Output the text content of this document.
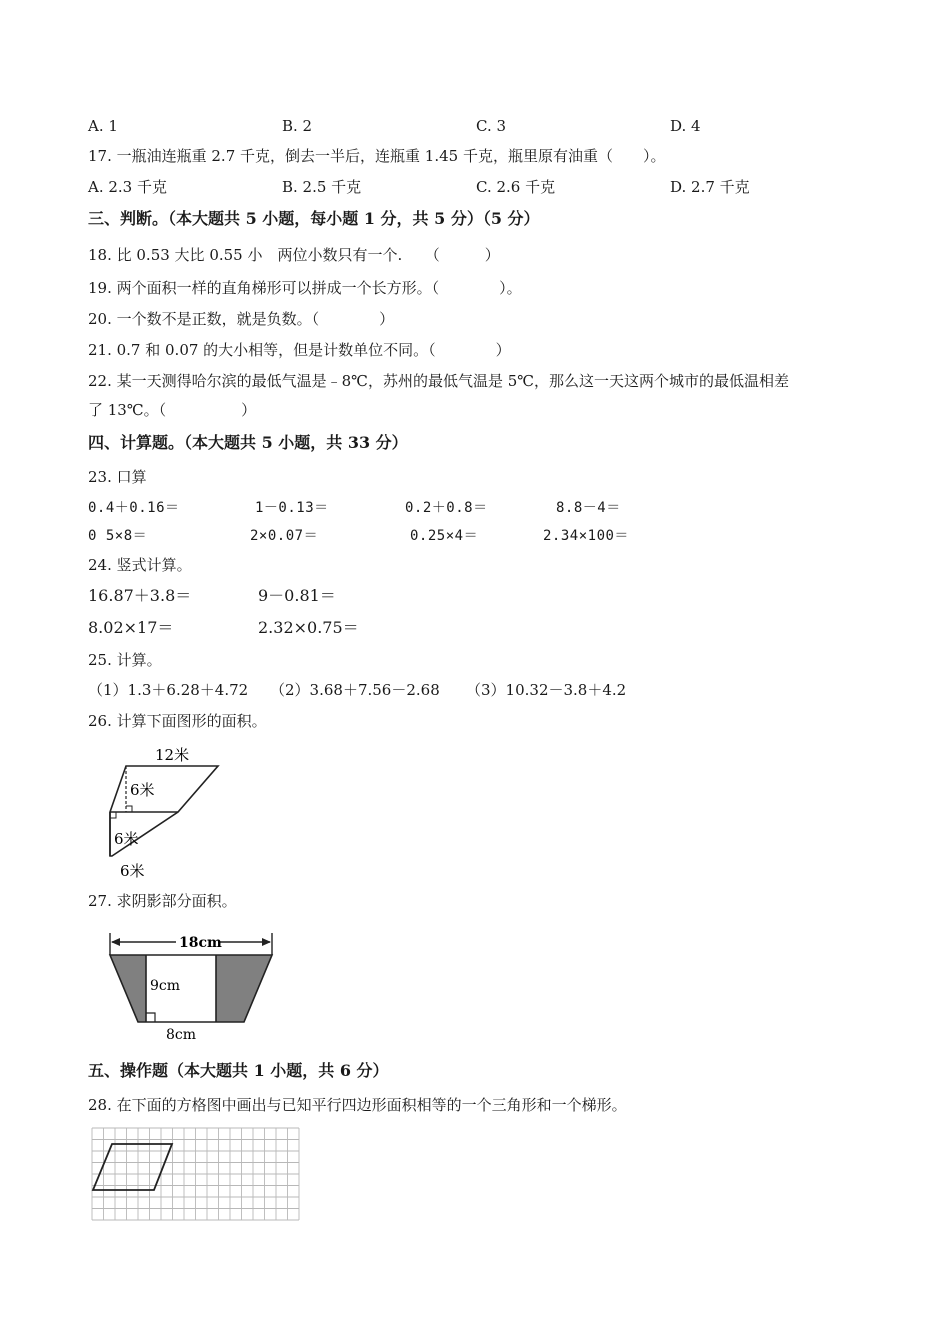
A. 1	B. 2	C. 3	D. 4
17. 一瓶油连瓶重 2.7 千克，倒去一半后，连瓶重 1.45 千克，瓶里原有油重（　　）。
A. 2.3 千克	B. 2.5 千克	C. 2.6 千克	D. 2.7 千克
三、判断。（本大题共 5 小题，每小题 1 分，共 5 分）（5 分）
18. 比 0.53 大比 0.55 小　两位小数只有一个.　　（　　　）
19. 两个面积一样的直角梯形可以拼成一个长方形。（　　　　）。
20. 一个数不是正数，就是负数。（　　　　）
21. 0.7 和 0.07 的大小相等，但是计数单位不同。（　　　　）
22. 某一天测得哈尔滨的最低气温是﹣8℃，苏州的最低气温是 5℃，那么这一天这两个城市的最低温相差
了 13℃。（　　　　　）
四、计算题。（本大题共 5 小题，共 33 分）
23. 口算
0.4＋0.16＝	1－0.13＝	0.2＋0.8＝	8.8－4＝
0 5×8＝	2×0.07＝	0.25×4＝	2.34×100＝
24. 竖式计算。
16.87＋3.8＝	9－0.81＝
8.02×17＝	2.32×0.75＝
25. 计算。
（1）1.3＋6.28＋4.72 （2）3.68＋7.56－2.68 （3）10.32－3.8＋4.2
26. 计算下面图形的面积。
12米
6米
6米
6米
27. 求阴影部分面积。
18cm
9cm
8cm
五、操作题（本大题共 1 小题，共 6 分）
28. 在下面的方格图中画出与已知平行四边形面积相等的一个三角形和一个梯形。
